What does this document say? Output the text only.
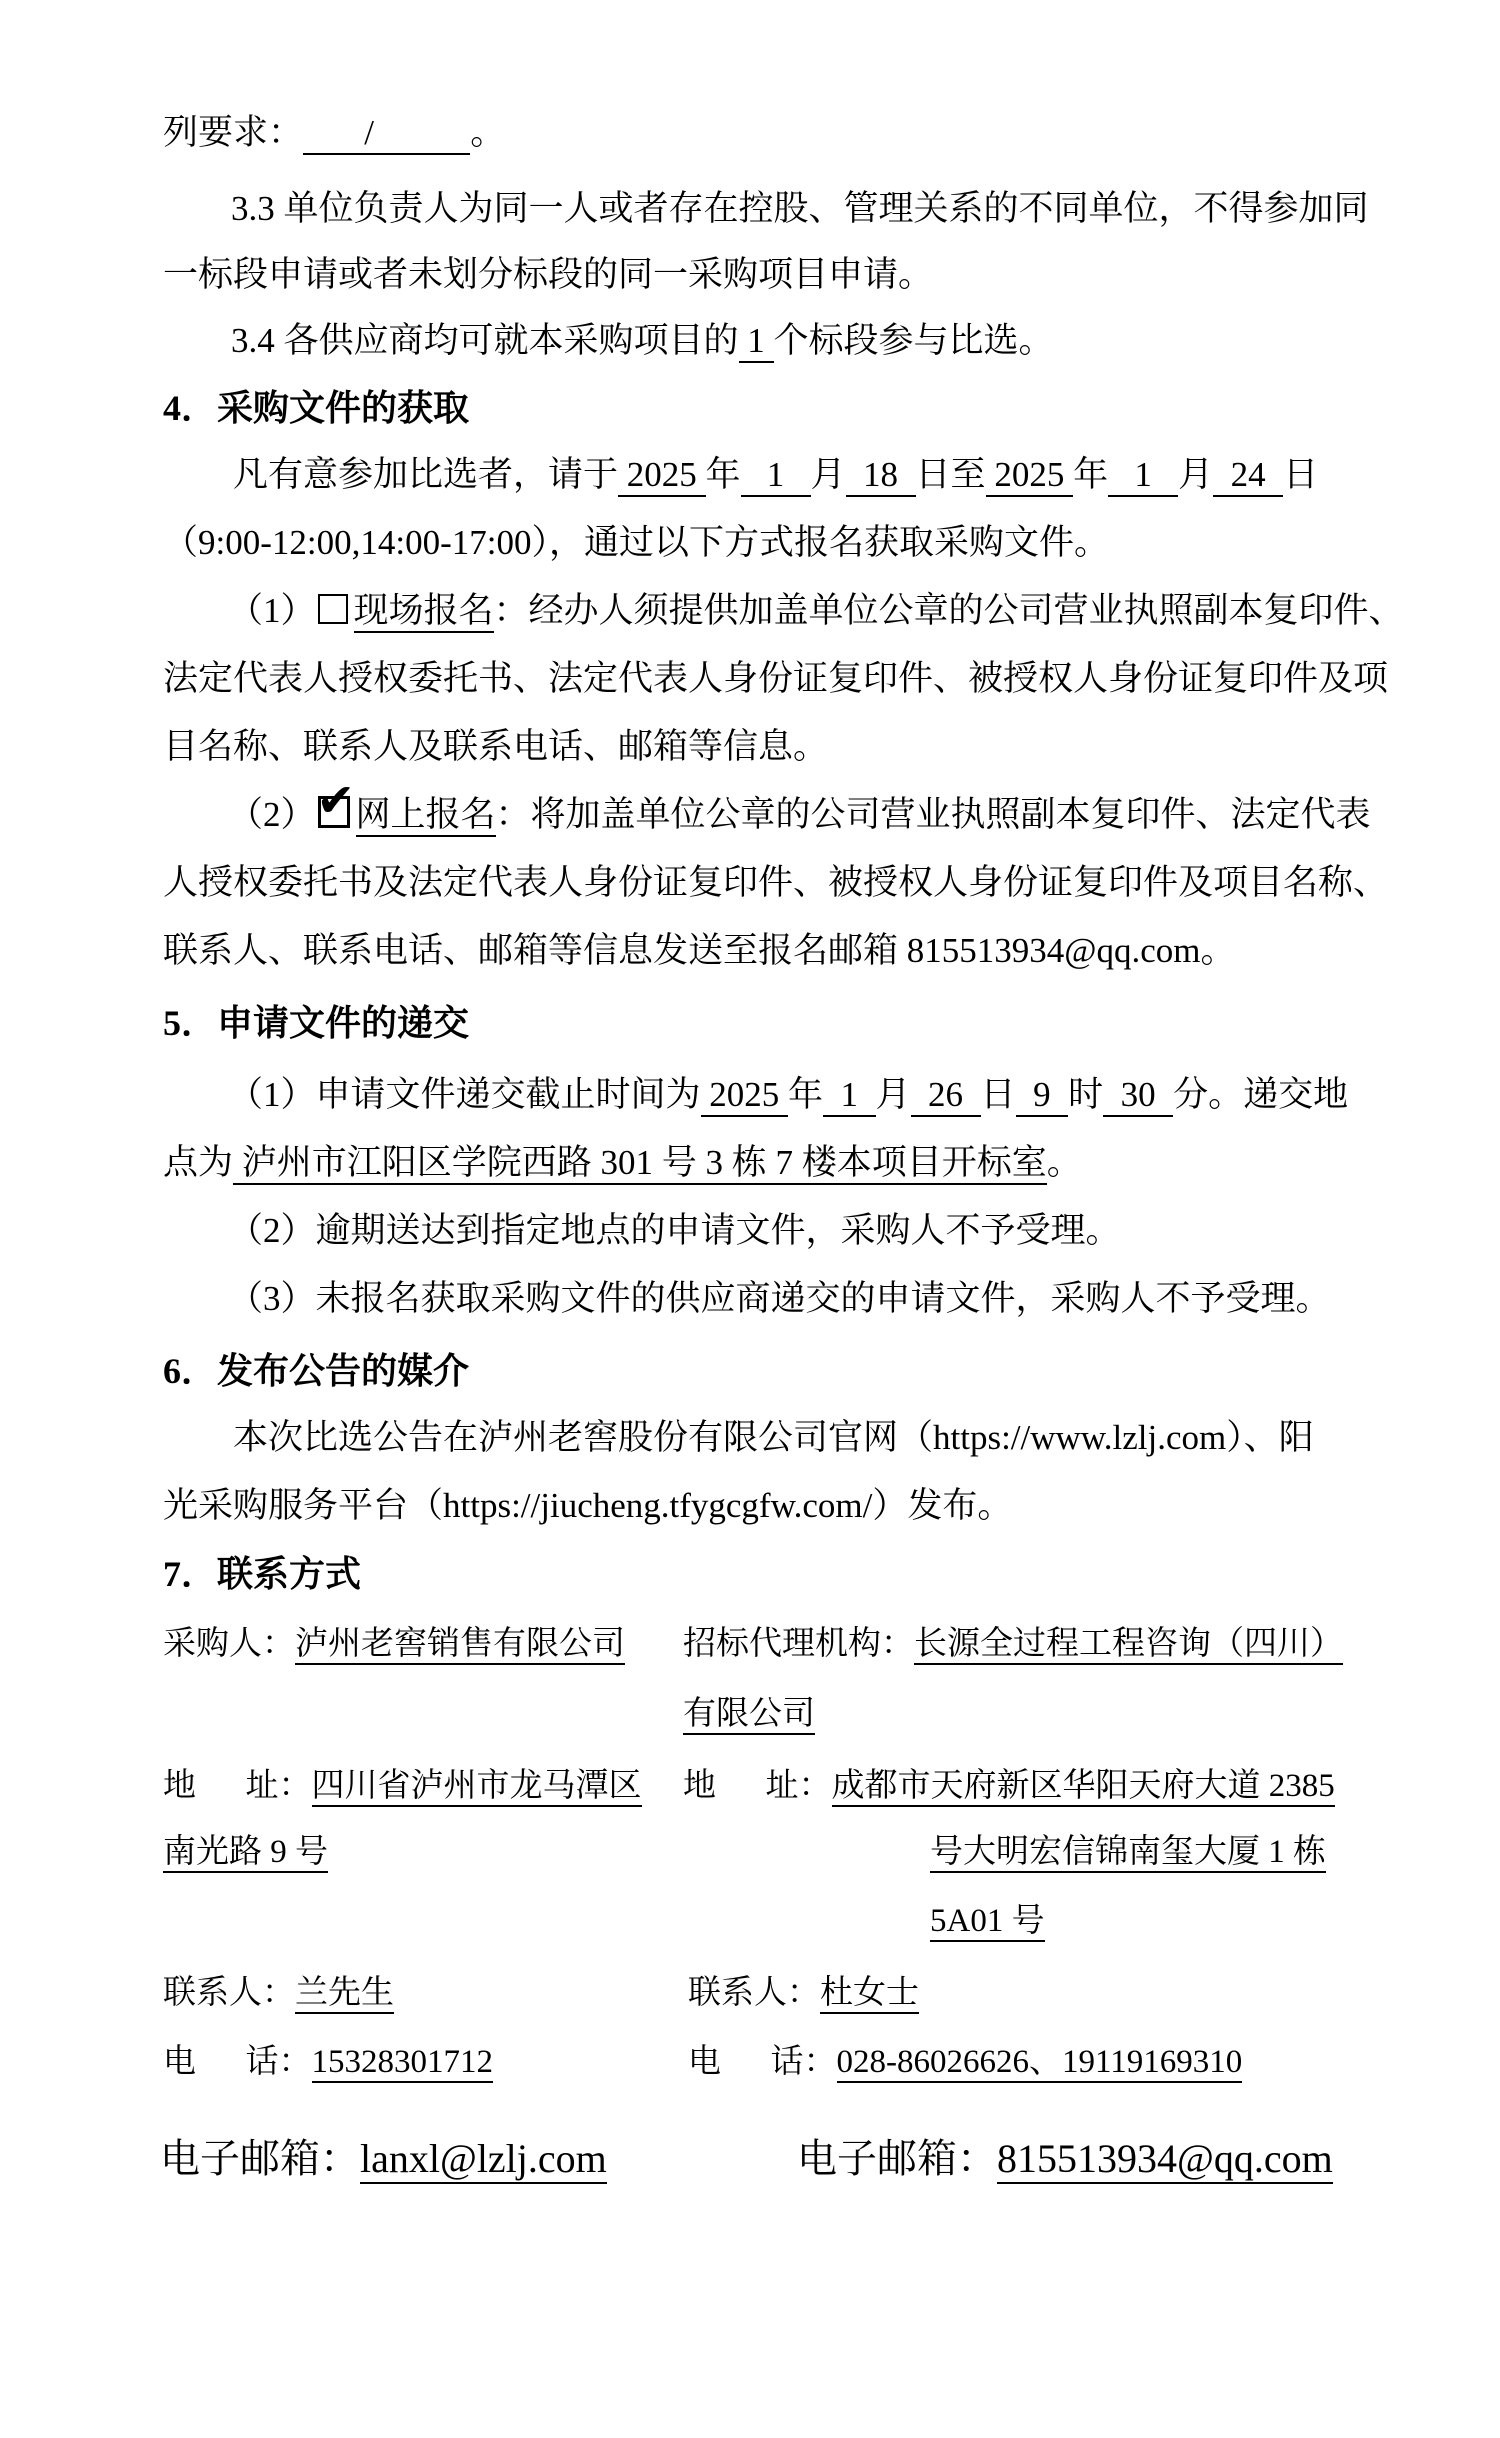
列要求： /	。
3.3 单位负责人为同一人或者存在控股、管理关系的不同单位，不得参加同
一标段申请或者未划分标段的同一采购项目申请。
3.4 各供应商均可就本采购项目的 1 个标段参与比选。
4．采购文件的获取
凡有意参加比选者，请于 2025 年   1   月  18  日至 2025 年   1   月  24  日
（9:00-12:00,14:00-17:00），通过以下方式报名获取采购文件。
（1） 现场报名：经办人须提供加盖单位公章的公司营业执照副本复印件、
法定代表人授权委托书、法定代表人身份证复印件、被授权人身份证复印件及项
目名称、联系人及联系电话、邮箱等信息。
（2） ✔ 网上报名：将加盖单位公章的公司营业执照副本复印件、法定代表
人授权委托书及法定代表人身份证复印件、被授权人身份证复印件及项目名称、
联系人、联系电话、邮箱等信息发送至报名邮箱 815513934@qq.com。
5．申请文件的递交
（1）申请文件递交截止时间为 2025 年  1  月  26  日  9  时  30  分。递交地
点为 泸州市江阳区学院西路 301 号 3 栋 7 楼本项目开标室。
（2）逾期送达到指定地点的申请文件，采购人不予受理。
（3）未报名获取采购文件的供应商递交的申请文件，采购人不予受理。
6．发布公告的媒介
本次比选公告在泸州老窖股份有限公司官网（https://www.lzlj.com）、阳
光采购服务平台（https://jiucheng.tfygcgfw.com/）发布。
7．联系方式
采购人：泸州老窖销售有限公司 招标代理机构：长源全过程工程咨询（四川）
有限公司
地 址：四川省泸州市龙马潭区 地 址：成都市天府新区华阳天府大道 2385
南光路 9 号	号大明宏信锦南玺大厦 1 栋
5A01 号
联系人：兰先生	联系人：杜女士
电 话：15328301712	电 话：028-86026626、19119169310
电子邮箱：lanxl@lzlj.com	电子邮箱：815513934@qq.com
